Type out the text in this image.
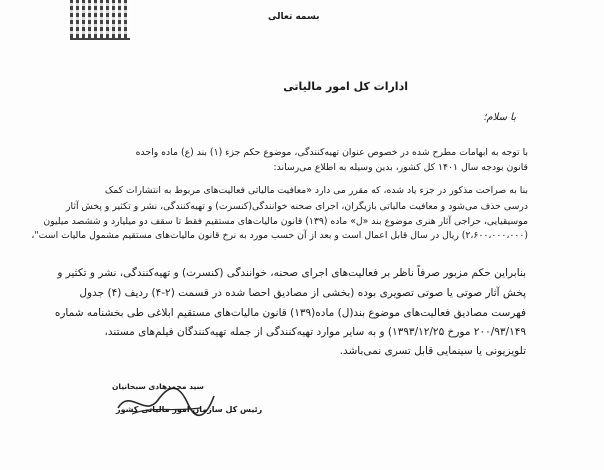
بسمه تعالی
ادارات کل امور مالیاتی
با سلام؛
با توجه به ابهامات مطرح شده در خصوص عنوان تهیه‌کنندگی، موضوع حکم جزء (۱) بند (ع) ماده واحده
قانون بودجه سال ۱۴۰۱ کل کشور، بدین وسیله به اطلاع می‌رساند:
بنا به صراحت مذکور در جزء یاد شده، که مقرر می دارد «معافیت مالیاتی فعالیت‌های مربوط به انتشارات کمک
درسی حذف می‌شود و معافیت مالیاتی بازیگران، اجرای صحنه خوانندگی(کنسرت) و تهیه‌کنندگی، نشر و تکثیر و پخش آثار
موسیقیایی، حراجی آثار هنری موضوع بند «ل» ماده (۱۳۹) قانون مالیات‌های مستقیم فقط تا سقف دو میلیارد و ششصد میلیون
(۲،۶۰۰،۰۰۰،۰۰۰) ریال در سال قابل اعمال است و بعد از آن حسب مورد به نرخ قانون مالیات‌های مستقیم مشمول مالیات است"،
بنابراین حکم مزبور صرفاً ناظر بر فعالیت‌های اجرای صحنه، خوانندگی (کنسرت) و تهیه‌کنندگی، نشر و تکثیر و
پخش آثار صوتی یا صوتی تصویری بوده (بخشی از مصادیق احصا شده در قسمت (۲-۴) ردیف (۴) جدول
فهرست مصادیق فعالیت‌های موضوع بند(ل) ماده(۱۳۹) قانون مالیات‌های مستقیم ابلاغی طی بخشنامه شماره
۲۰۰/۹۳/۱۴۹ مورخ ۱۳۹۳/۱۲/۲۵) و به سایر موارد تهیه‌کنندگی از جمله تهیه‌کنندگان فیلم‌های مستند،
تلویزیونی یا سینمایی قابل تسری نمی‌باشد.
سید محمدهادی سبحانیان
رئیس کل سازمان امور مالیاتی کشور
